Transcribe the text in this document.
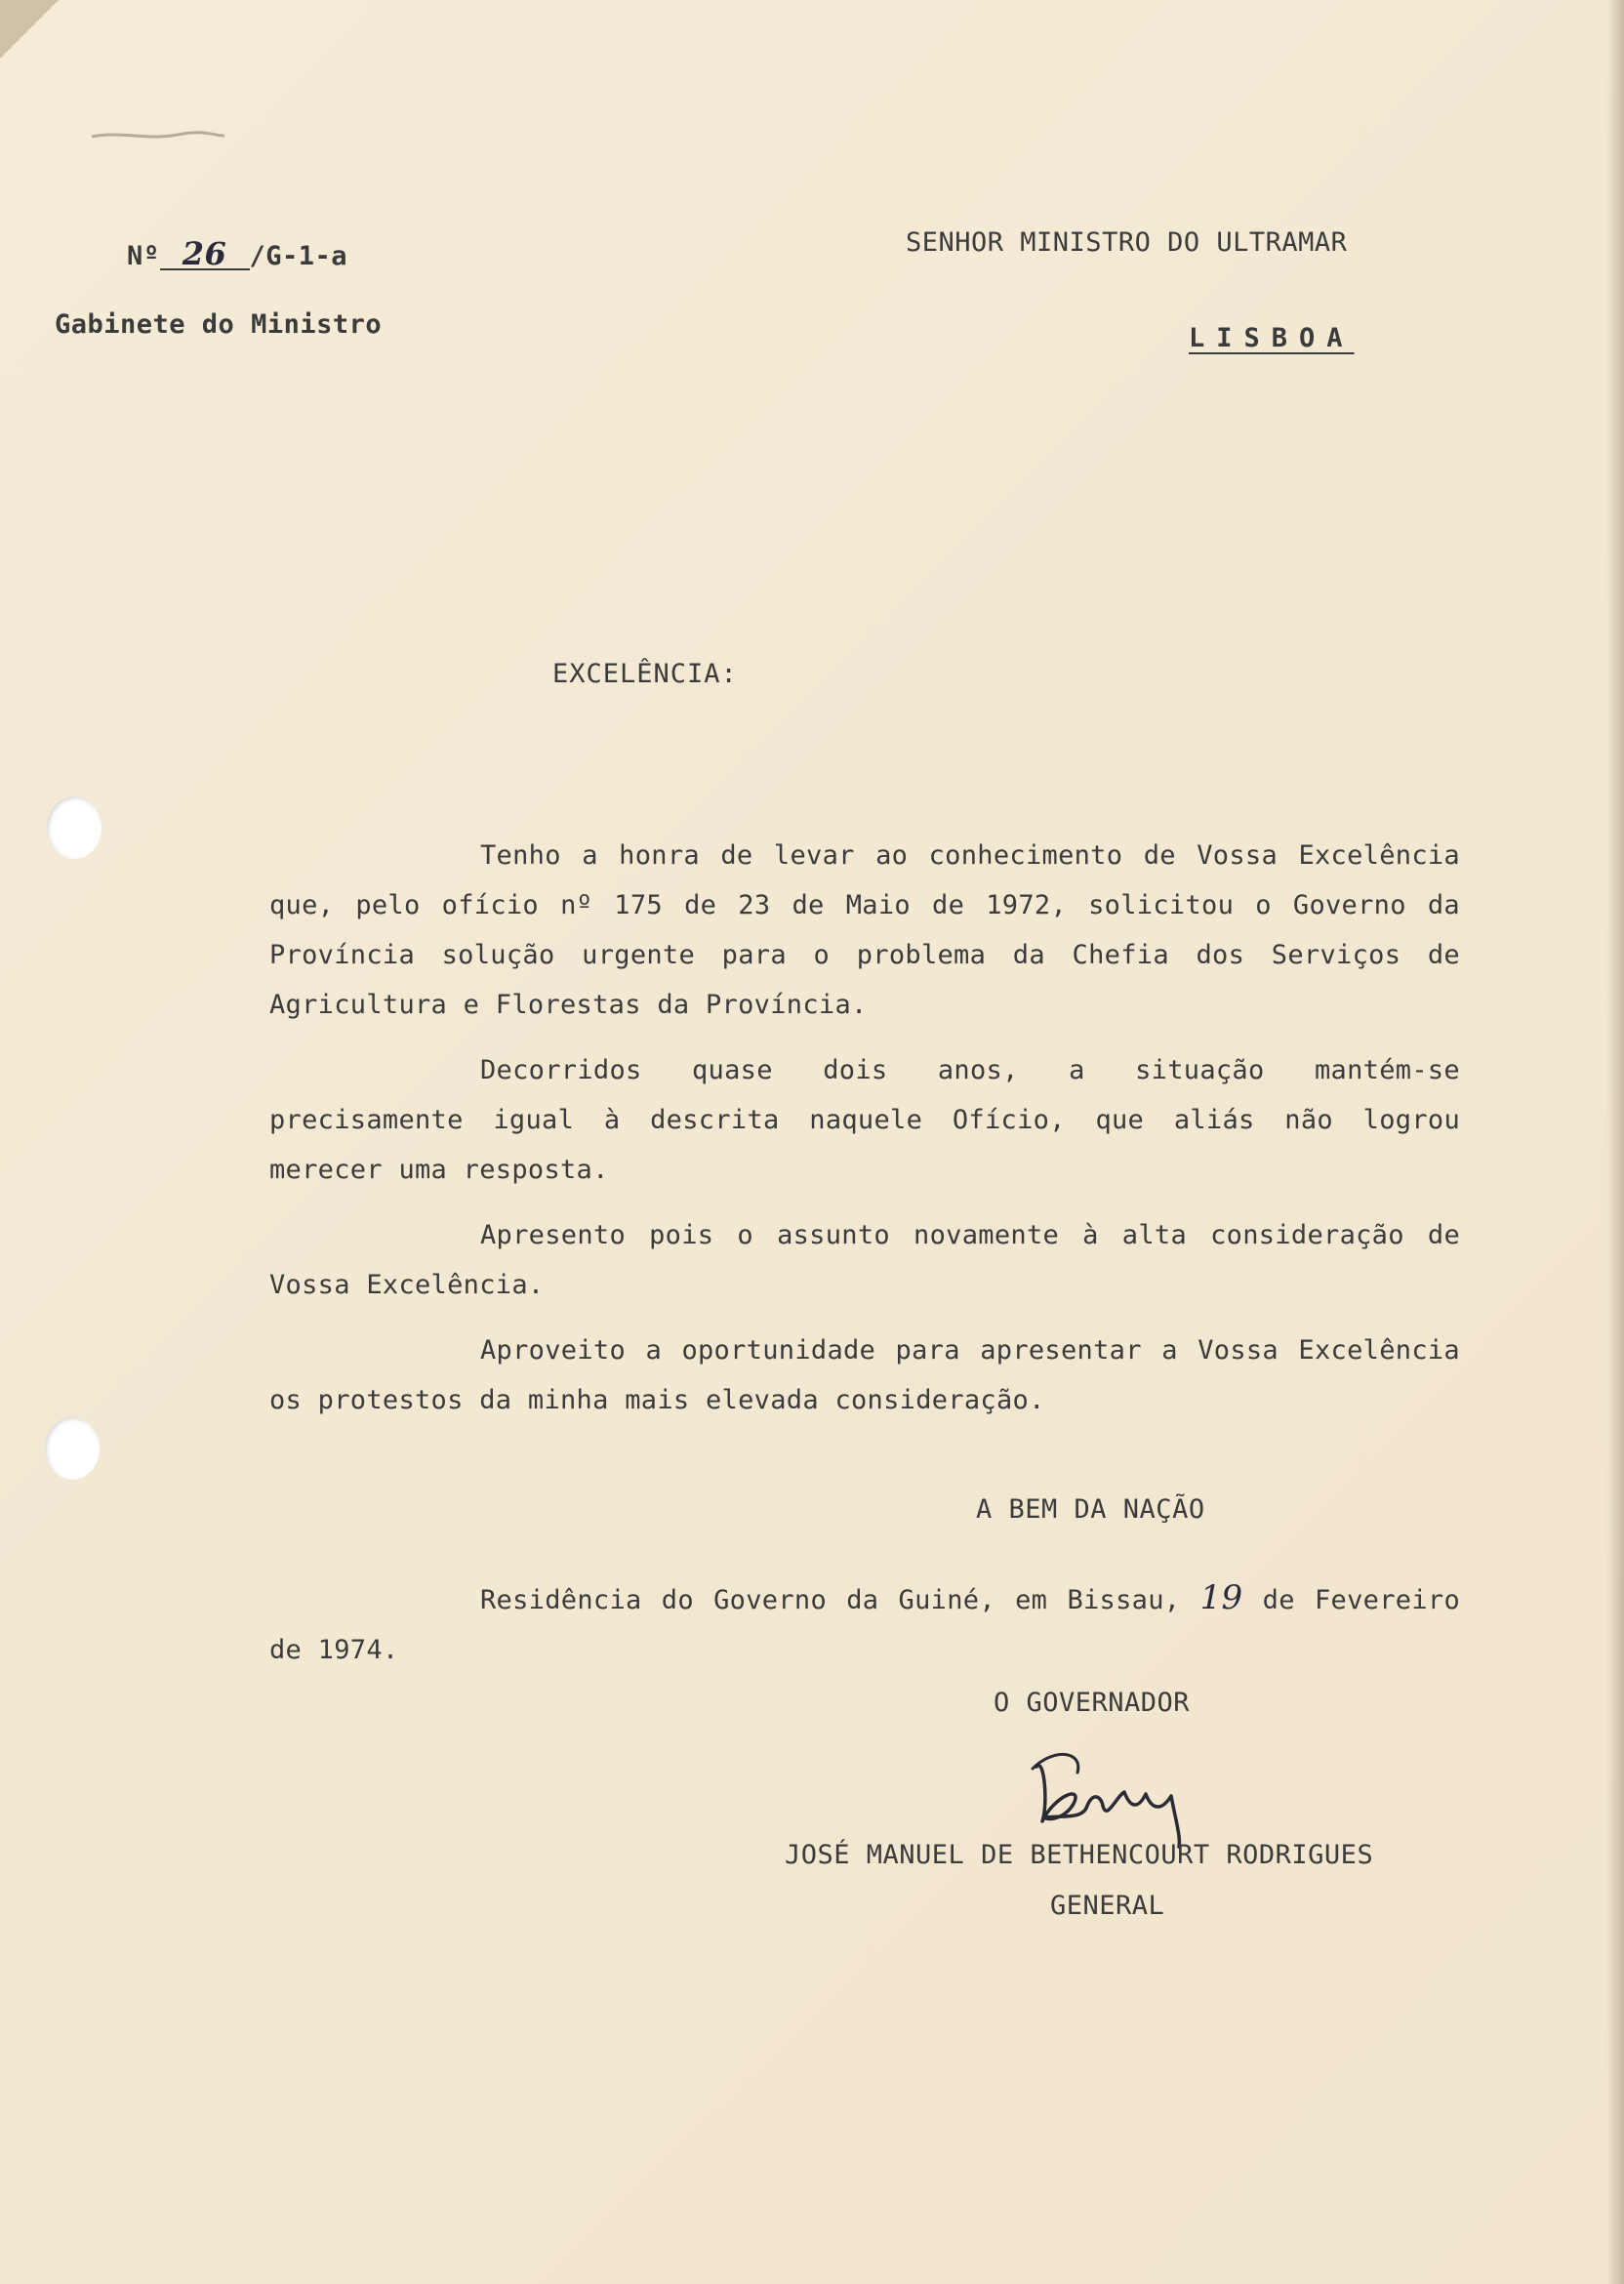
Nº 26 /G-1-a
Gabinete do Ministro
SENHOR MINISTRO DO ULTRAMAR
LISBOA
EXCELÊNCIA:

Tenho a honra de levar ao conhecimento de Vossa Excelência que, pelo ofício nº 175 de 23 de Maio de 1972, solicitou o Governo da Província solução urgente para o problema da Chefia dos Serviços de Agricultura e Florestas da Província.

Decorridos quase dois anos, a situação mantém-se precisamente igual à descrita naquele Ofício, que aliás não logrou merecer uma resposta.

Apresento pois o assunto novamente à alta consideração de Vossa Excelência.

Aproveito a oportunidade para apresentar a Vossa Excelência os protestos da minha mais elevada consideração.

A BEM DA NAÇÃO
Residência do Governo da Guiné, em Bissau, 19 de Fevereiro de 1974.
O GOVERNADOR
JOSÉ MANUEL DE BETHENCOURT RODRIGUES
GENERAL
